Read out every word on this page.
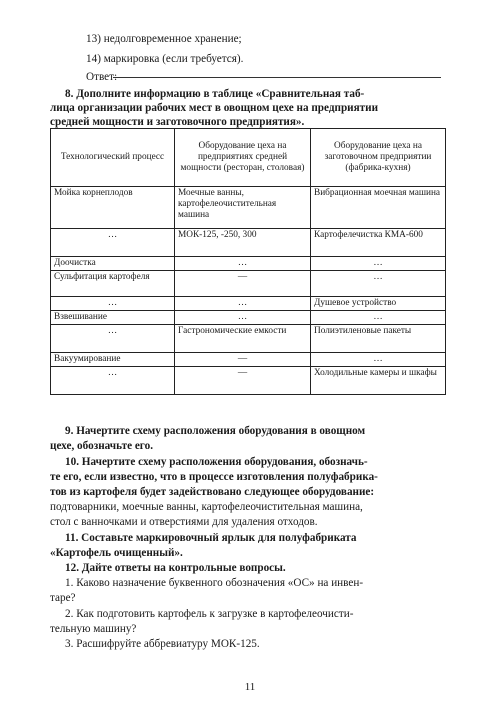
13) недолговременное хранение;
14) маркировка (если требуется).
Ответ:
8. Дополните информацию в таблице «Сравнительная таб-
лица организации рабочих мест в овощном цехе на предприятии
средней мощности и заготовочного предприятия».
Технологический процесс	Оборудование цеха на предприятиях средней мощности (ресторан, столовая)	Оборудование цеха на заготовочном предприятии (фабрика-кухня)
Мойка корнеплодов	Моечные ванны, картофелеочистительная машина	Вибрационная моечная машина
…	МОК-125, -250, 300	Картофелечистка КМА-600
Доочистка	…	…
Сульфитация картофеля	—	…
…	…	Душевое устройство
Взвешивание	…	…
…	Гастрономические емкости	Полиэтиленовые пакеты
Вакуумирование	—	…
…	—	Холодильные камеры и шкафы
9. Начертите схему расположения оборудования в овощном
цехе, обозначьте его.
10. Начертите схему расположения оборудования, обозначь-
те его, если известно, что в процессе изготовления полуфабрика-
тов из картофеля будет задействовано следующее оборудование:
подтоварники, моечные ванны, картофелеочистительная машина,
стол с ванночками и отверстиями для удаления отходов.
11. Составьте маркировочный ярлык для полуфабриката
«Картофель очищенный».
12. Дайте ответы на контрольные вопросы.
1. Каково назначение буквенного обозначения «ОС» на инвен-
таре?
2. Как подготовить картофель к загрузке в картофелеочисти-
тельную машину?
3. Расшифруйте аббревиатуру МОК-125.
11
